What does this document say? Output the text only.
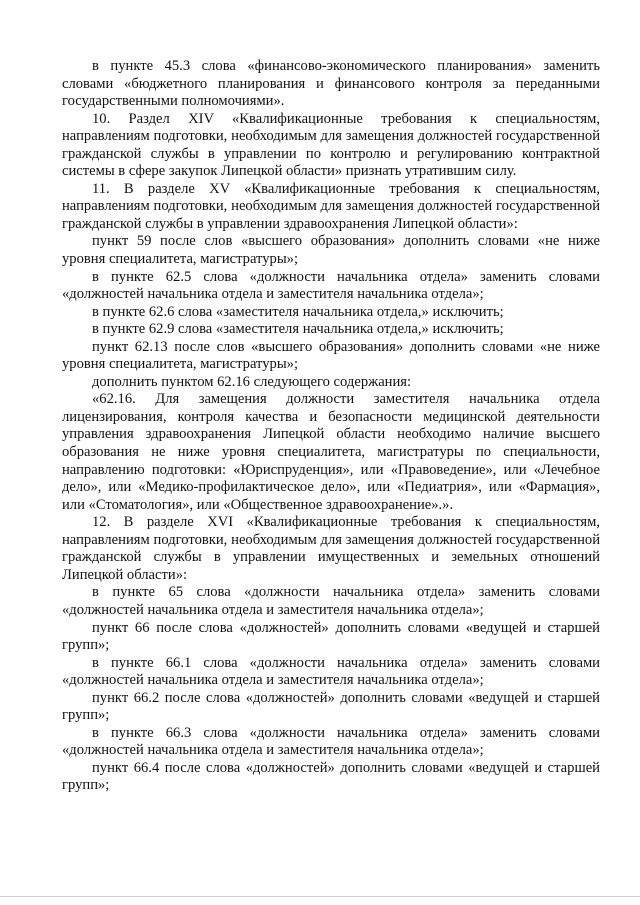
в пункте 45.3 слова «финансово-экономического планирования» заменить словами «бюджетного планирования и финансового контроля за переданными государственными полномочиями».

10. Раздел XIV «Квалификационные требования к специальностям, направлениям подготовки, необходимым для замещения должностей государственной гражданской службы в управлении по контролю и регулированию контрактной системы в сфере закупок Липецкой области» признать утратившим силу.

11. В разделе XV «Квалификационные требования к специальностям, направлениям подготовки, необходимым для замещения должностей государственной гражданской службы в управлении здравоохранения Липецкой области»:

пункт 59 после слов «высшего образования» дополнить словами «не ниже уровня специалитета, магистратуры»;

в пункте 62.5 слова «должности начальника отдела» заменить словами «должностей начальника отдела и заместителя начальника отдела»;

в пункте 62.6 слова «заместителя начальника отдела,» исключить;

в пункте 62.9 слова «заместителя начальника отдела,» исключить;

пункт 62.13 после слов «высшего образования» дополнить словами «не ниже уровня специалитета, магистратуры»;

дополнить пунктом 62.16 следующего содержания:

«62.16. Для замещения должности заместителя начальника отдела лицензирования, контроля качества и безопасности медицинской деятельности управления здравоохранения Липецкой области необходимо наличие высшего образования не ниже уровня специалитета, магистратуры по специальности, направлению подготовки: «Юриспруденция», или «Правоведение», или «Лечебное дело», или «Медико-профилактическое дело», или «Педиатрия», или «Фармация», или «Стоматология», или «Общественное здравоохранение».».

12. В разделе XVI «Квалификационные требования к специальностям, направлениям подготовки, необходимым для замещения должностей государственной гражданской службы в управлении имущественных и земельных отношений Липецкой области»:

в пункте 65 слова «должности начальника отдела» заменить словами «должностей начальника отдела и заместителя начальника отдела»;

пункт 66 после слова «должностей» дополнить словами «ведущей и старшей групп»;

в пункте 66.1 слова «должности начальника отдела» заменить словами «должностей начальника отдела и заместителя начальника отдела»;

пункт 66.2 после слова «должностей» дополнить словами «ведущей и старшей групп»;

в пункте 66.3 слова «должности начальника отдела» заменить словами «должностей начальника отдела и заместителя начальника отдела»;

пункт 66.4 после слова «должностей» дополнить словами «ведущей и старшей групп»;
